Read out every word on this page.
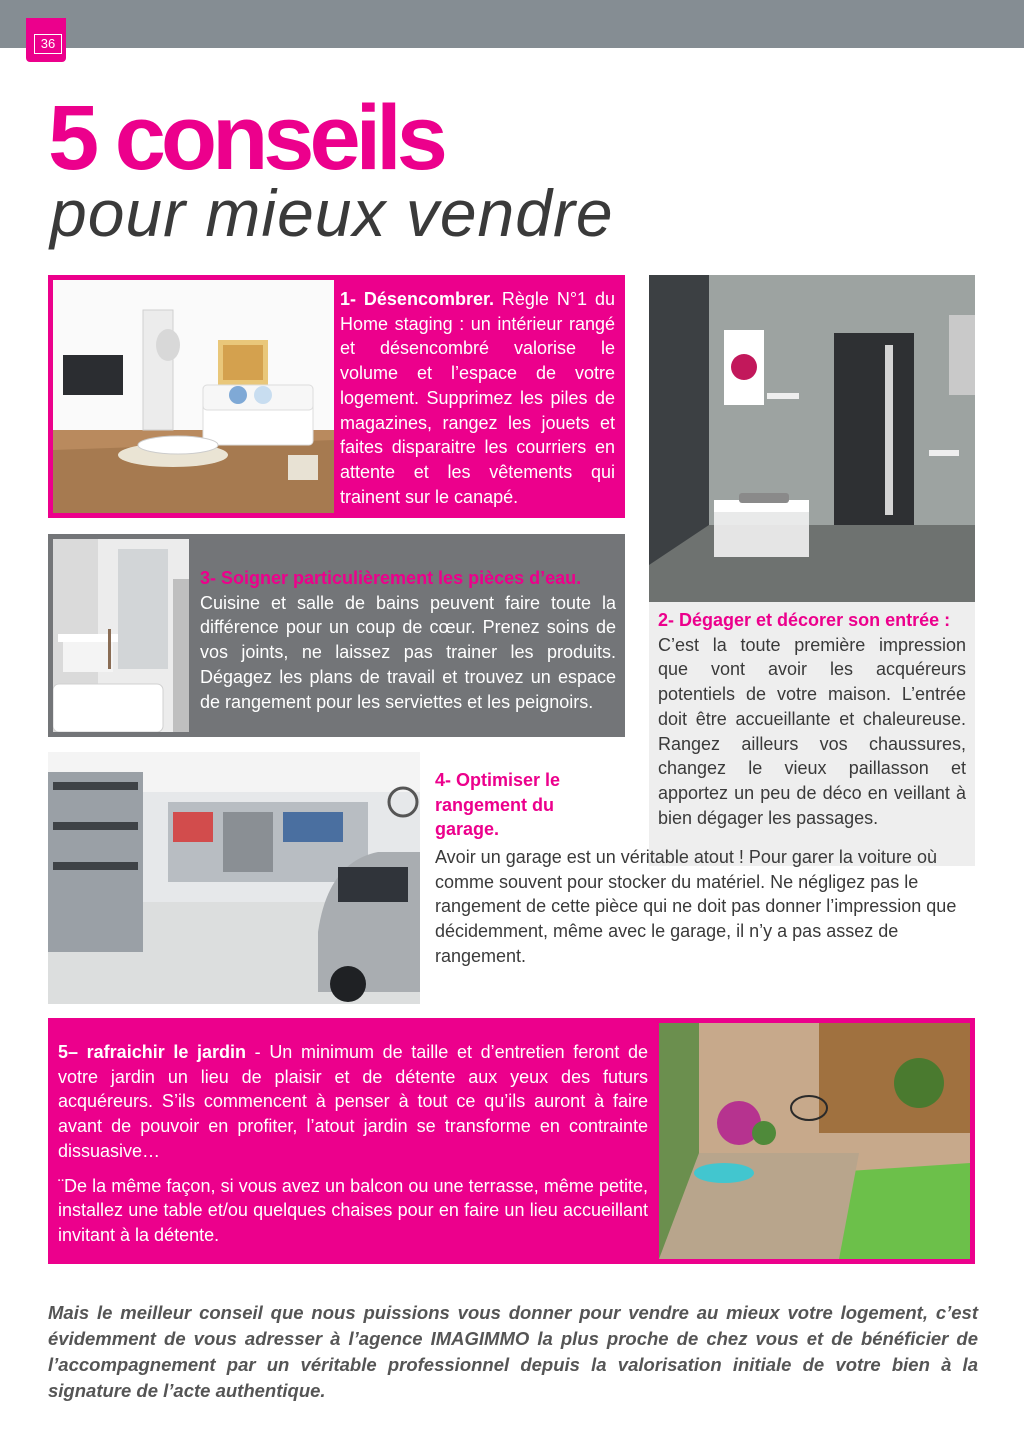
36
5 conseils
pour mieux vendre
1- Désencombrer. Règle N°1 du Home staging : un intérieur rangé et désencombré valorise le volume et l’espace de votre logement. Supprimez les piles de magazines, rangez les jouets et faites disparaitre les courriers en attente et les vêtements qui trainent sur le canapé.
2- Dégager et décorer son entrée :
C’est la toute première impression que vont avoir les acquéreurs potentiels de votre maison. L’entrée doit être accueillante et chaleureuse. Rangez ailleurs vos chaussures, changez le vieux paillasson et apportez un peu de déco en veillant à bien dégager les passages.
3- Soigner particulièrement les pièces d’eau.
Cuisine et salle de bains peuvent faire toute la différence pour un coup de cœur. Prenez soins de vos joints, ne laissez pas trainer les produits. Dégagez les plans de travail et trouvez un espace de rangement pour les serviettes et les peignoirs.
4- Optimiser le rangement du garage.
Avoir un garage est un véritable atout ! Pour garer la voiture où comme souvent pour stocker du matériel. Ne négligez pas le rangement de cette pièce qui ne doit pas donner l’impression que décidemment, même avec le garage, il n’y a pas assez de rangement.
5– rafraichir le jardin - Un minimum de taille et d’entretien feront de votre jardin un lieu de plaisir et de détente aux yeux des futurs acquéreurs. S’ils commencent à penser à tout ce qu’ils auront à faire avant de pouvoir en profiter, l’atout jardin se transforme en contrainte dissuasive…
¨De la même façon, si vous avez un balcon ou une terrasse, même petite, installez une table et/ou quelques chaises pour en faire un lieu accueillant invitant à la détente.
Mais le meilleur conseil que nous puissions vous donner pour vendre au mieux votre logement, c’est évidemment de vous adresser à l’agence IMAGIMMO la plus proche de chez vous et de bénéficier de l’accompagnement par un véritable professionnel depuis la valorisation initiale de votre bien à la signature de l’acte authentique.
